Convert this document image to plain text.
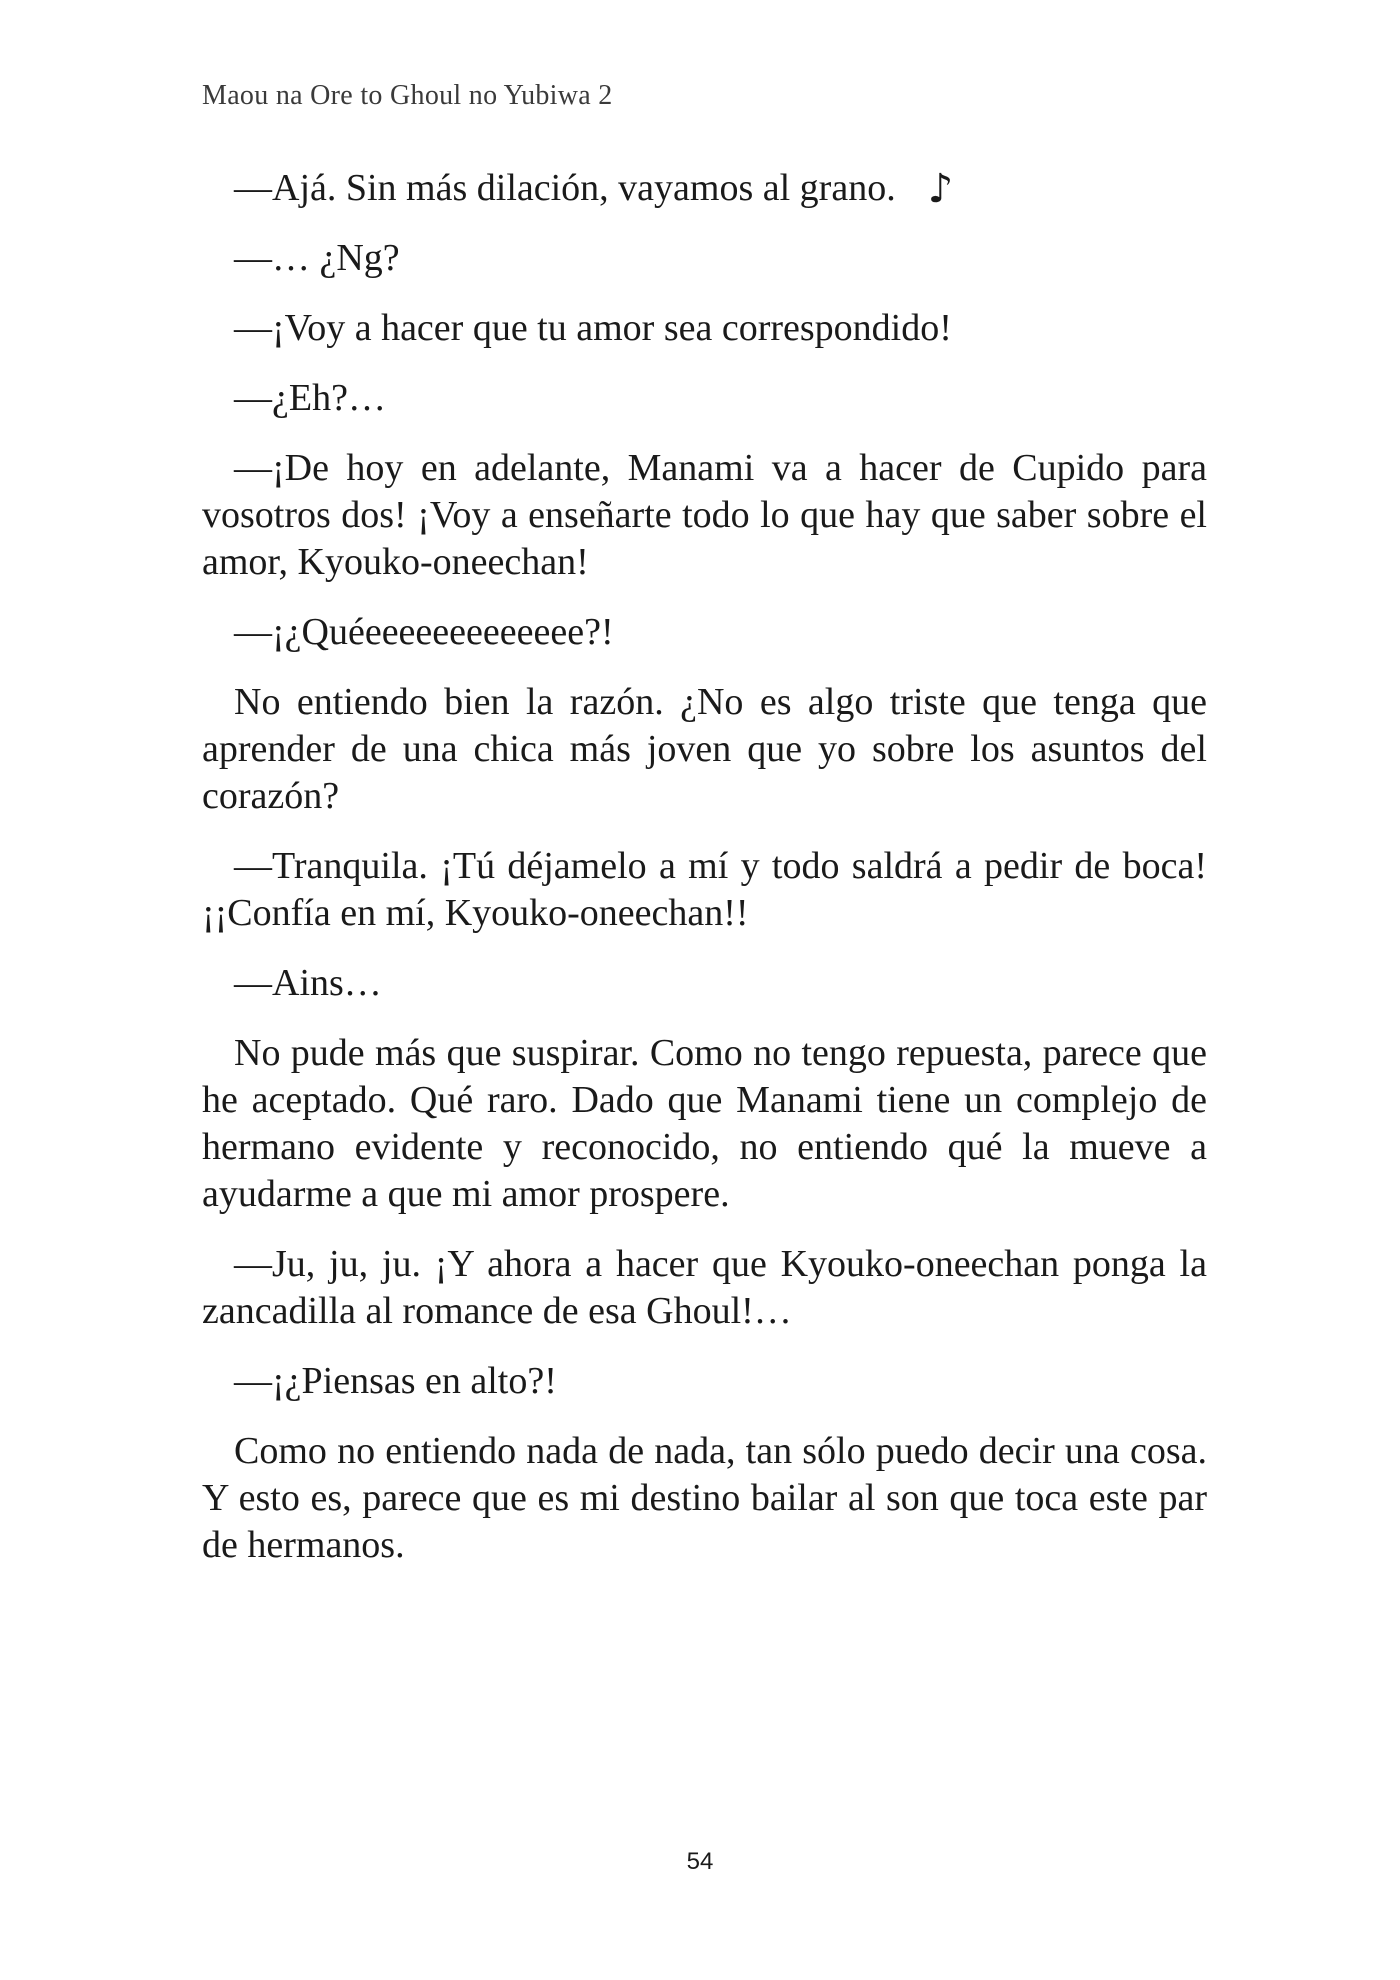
Maou na Ore to Ghoul no Yubiwa 2

—Ajá. Sin más dilación, vayamos al grano. ♪

—… ¿Ng?

—¡Voy a hacer que tu amor sea correspondido!

—¿Eh?…

—¡De hoy en adelante, Manami va a hacer de Cupido para vosotros dos! ¡Voy a enseñarte todo lo que hay que saber sobre el amor, Kyouko-oneechan!

—¡¿Quéeeeeeeeeeeeee?!

No entiendo bien la razón. ¿No es algo triste que tenga que aprender de una chica más joven que yo sobre los asuntos del corazón?

—Tranquila. ¡Tú déjamelo a mí y todo saldrá a pedir de boca! ¡¡Confía en mí, Kyouko-oneechan!!

—Ains…

No pude más que suspirar. Como no tengo repuesta, parece que he aceptado. Qué raro. Dado que Manami tiene un complejo de hermano evidente y reconocido, no entiendo qué la mueve a ayudarme a que mi amor prospere.

—Ju, ju, ju. ¡Y ahora a hacer que Kyouko-oneechan ponga la zancadilla al romance de esa Ghoul!…

—¡¿Piensas en alto?!

Como no entiendo nada de nada, tan sólo puedo decir una cosa. Y esto es, parece que es mi destino bailar al son que toca este par de hermanos.

54
